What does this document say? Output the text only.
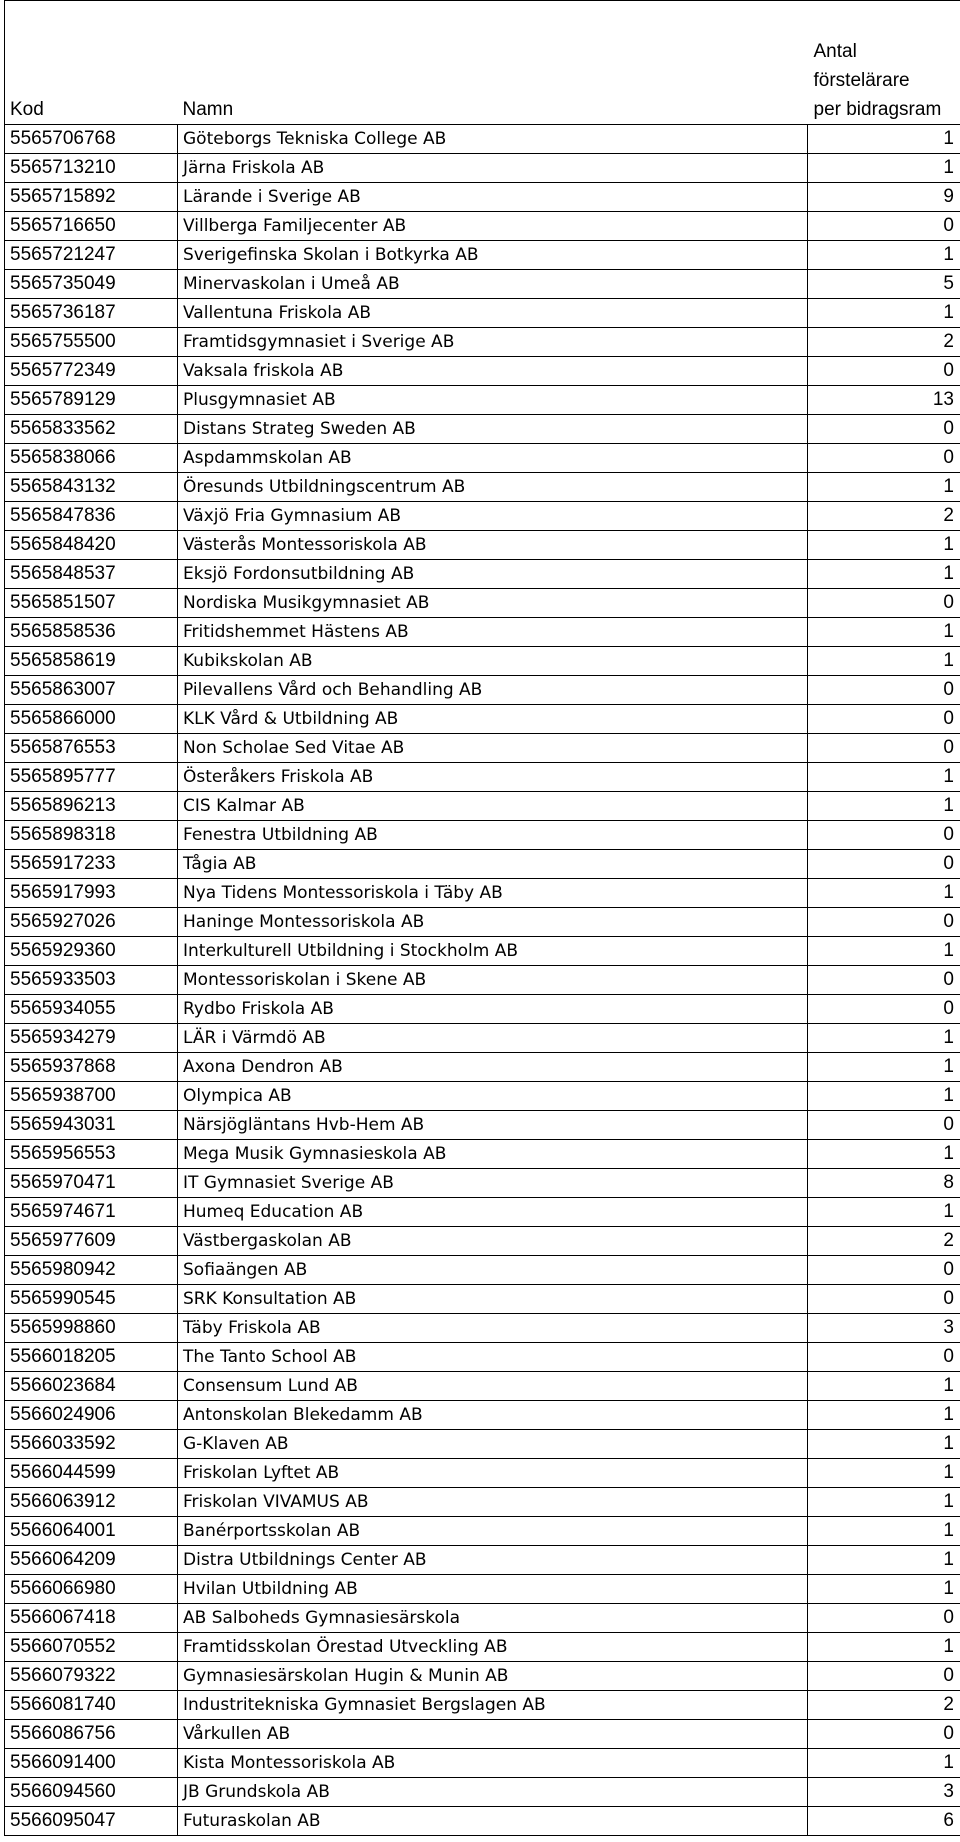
Kod	Namn	Antal
förstelärare
per bidragsram

5565706768	Göteborgs Tekniska College AB	1
5565713210	Järna Friskola AB	1
5565715892	Lärande i Sverige AB	9
5565716650	Villberga Familjecenter AB	0
5565721247	Sverigefinska Skolan i Botkyrka AB	1
5565735049	Minervaskolan i Umeå AB	5
5565736187	Vallentuna Friskola AB	1
5565755500	Framtidsgymnasiet i Sverige AB	2
5565772349	Vaksala friskola AB	0
5565789129	Plusgymnasiet AB	13
5565833562	Distans Strateg Sweden AB	0
5565838066	Aspdammskolan AB	0
5565843132	Öresunds Utbildningscentrum AB	1
5565847836	Växjö Fria Gymnasium AB	2
5565848420	Västerås Montessoriskola AB	1
5565848537	Eksjö Fordonsutbildning AB	1
5565851507	Nordiska Musikgymnasiet AB	0
5565858536	Fritidshemmet Hästens AB	1
5565858619	Kubikskolan AB	1
5565863007	Pilevallens Vård och Behandling AB	0
5565866000	KLK Vård & Utbildning AB	0
5565876553	Non Scholae Sed Vitae AB	0
5565895777	Österåkers Friskola AB	1
5565896213	CIS Kalmar AB	1
5565898318	Fenestra Utbildning AB	0
5565917233	Tågia AB	0
5565917993	Nya Tidens Montessoriskola i Täby AB	1
5565927026	Haninge Montessoriskola AB	0
5565929360	Interkulturell Utbildning i Stockholm AB	1
5565933503	Montessoriskolan i Skene AB	0
5565934055	Rydbo Friskola AB	0
5565934279	LÄR i Värmdö AB	1
5565937868	Axona Dendron AB	1
5565938700	Olympica AB	1
5565943031	Närsjögläntans Hvb-Hem AB	0
5565956553	Mega Musik Gymnasieskola AB	1
5565970471	IT Gymnasiet Sverige AB	8
5565974671	Humeq Education AB	1
5565977609	Västbergaskolan AB	2
5565980942	Sofiaängen AB	0
5565990545	SRK Konsultation AB	0
5565998860	Täby Friskola AB	3
5566018205	The Tanto School AB	0
5566023684	Consensum Lund AB	1
5566024906	Antonskolan Blekedamm AB	1
5566033592	G-Klaven AB	1
5566044599	Friskolan Lyftet AB	1
5566063912	Friskolan VIVAMUS AB	1
5566064001	Banérportsskolan AB	1
5566064209	Distra Utbildnings Center AB	1
5566066980	Hvilan Utbildning AB	1
5566067418	AB Salboheds Gymnasiesärskola	0
5566070552	Framtidsskolan Örestad Utveckling AB	1
5566079322	Gymnasiesärskolan Hugin & Munin AB	0
5566081740	Industritekniska Gymnasiet Bergslagen AB	2
5566086756	Vårkullen AB	0
5566091400	Kista Montessoriskola AB	1
5566094560	JB Grundskola AB	3
5566095047	Futuraskolan AB	6
